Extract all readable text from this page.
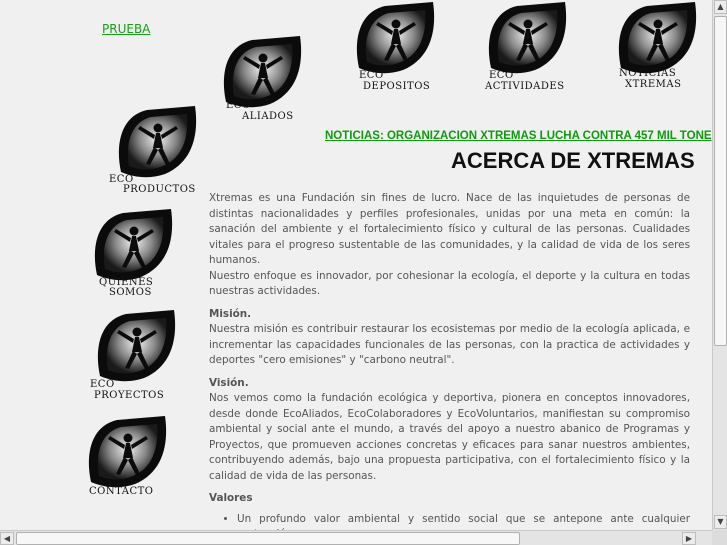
PRUEBA
ECO
ALIADOS
ECO
DEPOSITOS
ECO
ACTIVIDADES
NOTICIAS
XTREMAS
ECO
PRODUCTOS
QUIENES
SOMOS
ECO
PROYECTOS
CONTACTO
NOTICIAS: ORGANIZACION XTREMAS LUCHA CONTRA 457 MIL TONE
ACERCA DE XTREMAS

Xtremas es una Fundación sin fines de lucro. Nace de las inquietudes de personas de distintas nacionalidades y perfiles profesionales, unidas por una meta en común: la sanación del ambiente y el fortalecimiento físico y cultural de las personas. Cualidades vitales para el progreso sustentable de las comunidades, y la calidad de vida de los seres humanos.

Nuestro enfoque es innovador, por cohesionar la ecología, el deporte y la cultura en todas nuestras actividades.

Misión.

Nuestra misión es contribuir restaurar los ecosistemas por medio de la ecología aplicada, e incrementar las capacidades funcionales de las personas, con la practica de actividades y deportes "cero emisiones" y "carbono neutral".

Visión.

Nos vemos como la fundación ecológica y deportiva, pionera en conceptos innovadores, desde donde EcoAliados, EcoColaboradores y EcoVoluntarios, manifiestan su compromiso ambiental y social ante el mundo, a través del apoyo a nuestro abanico de Programas y Proyectos, que promueven acciones concretas y eficaces para sanar nuestros ambientes, contribuyendo además, bajo una propuesta participativa, con el fortalecimiento físico y la calidad de vida de las personas.

Valores

• Un profundo valor ambiental y sentido social que se antepone ante cualquier
▲
▼
◀	▶
